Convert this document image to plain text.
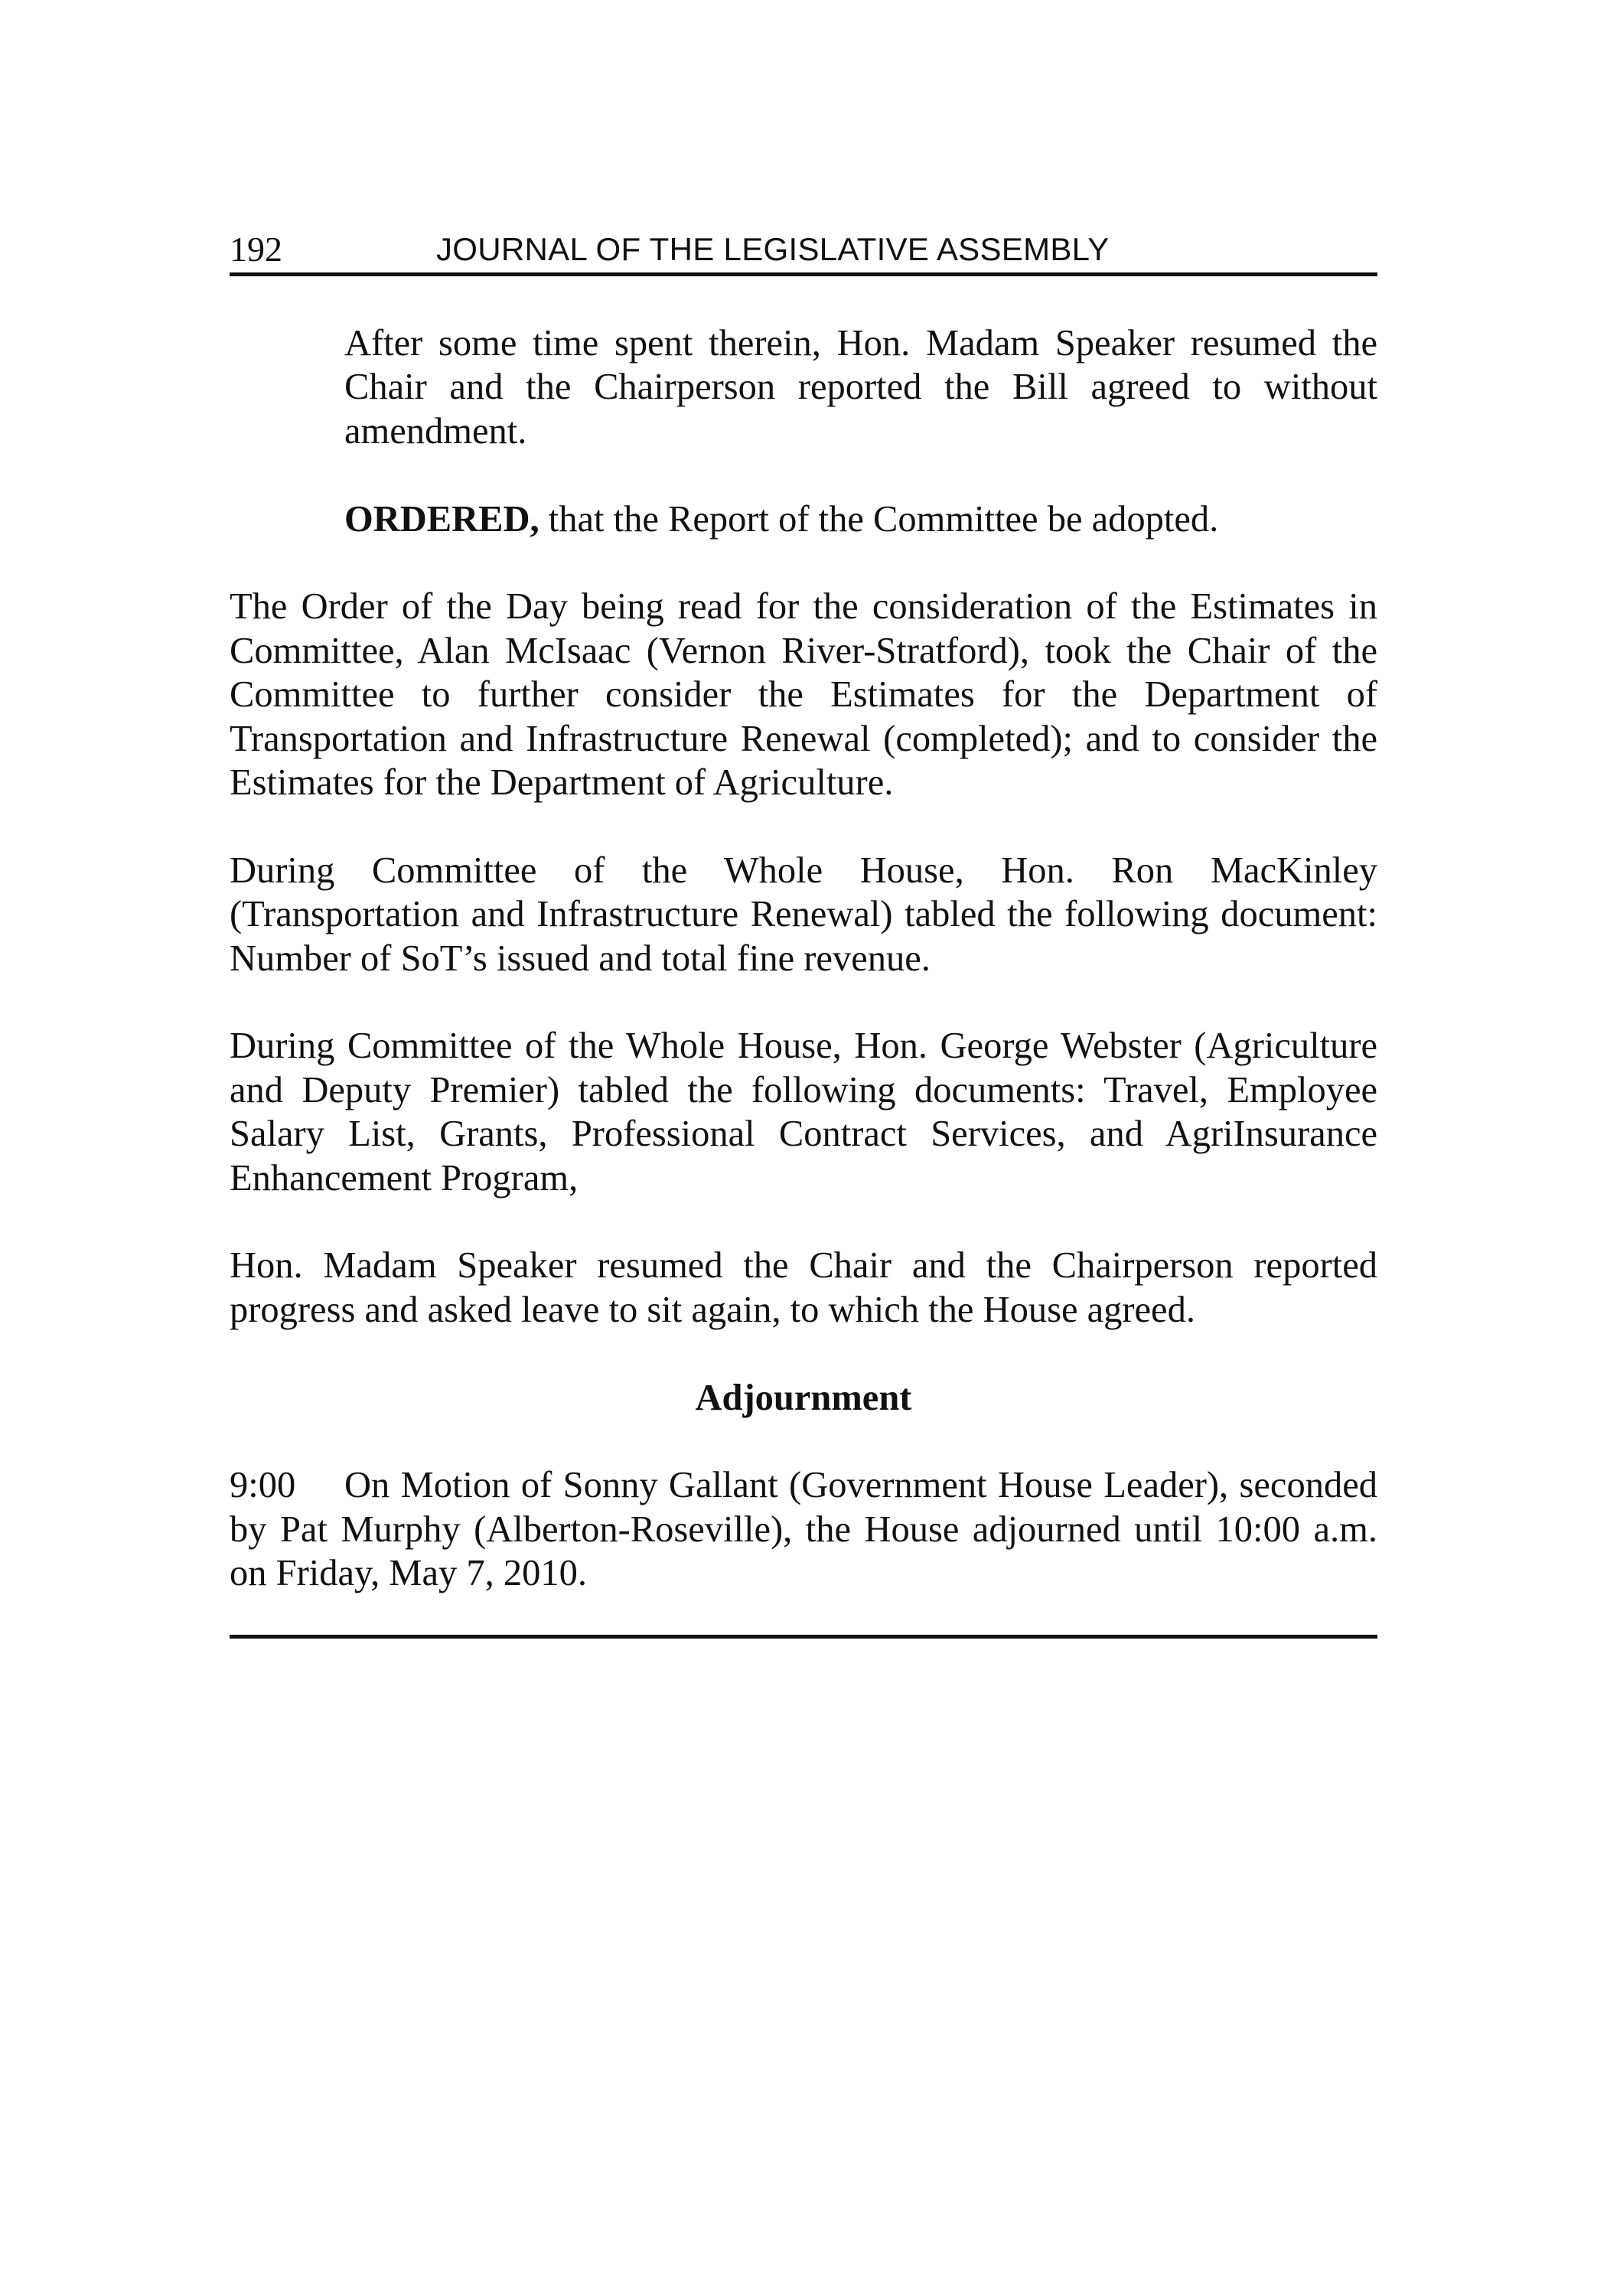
192	JOURNAL OF THE LEGISLATIVE ASSEMBLY

After some time spent therein, Hon. Madam Speaker resumed the Chair and the Chairperson reported the Bill agreed to without amendment.

ORDERED, that the Report of the Committee be adopted.

The Order of the Day being read for the consideration of the Estimates in Committee, Alan McIsaac (Vernon River-Stratford), took the Chair of the Committee to further consider the Estimates for the Department of Transportation and Infrastructure Renewal (completed); and to consider the Estimates for the Department of Agriculture.

During Committee of the Whole House, Hon. Ron MacKinley (Transportation and Infrastructure Renewal) tabled the following document: Number of SoT’s issued and total fine revenue.

During Committee of the Whole House, Hon. George Webster (Agriculture and Deputy Premier) tabled the following documents: Travel, Employee Salary List, Grants, Professional Contract Services, and AgriInsurance Enhancement Program,

Hon. Madam Speaker resumed the Chair and the Chairperson reported progress and asked leave to sit again, to which the House agreed.

Adjournment

9:00 On Motion of Sonny Gallant (Government House Leader), seconded by Pat Murphy (Alberton-Roseville), the House adjourned until 10:00 a.m. on Friday, May 7, 2010.
